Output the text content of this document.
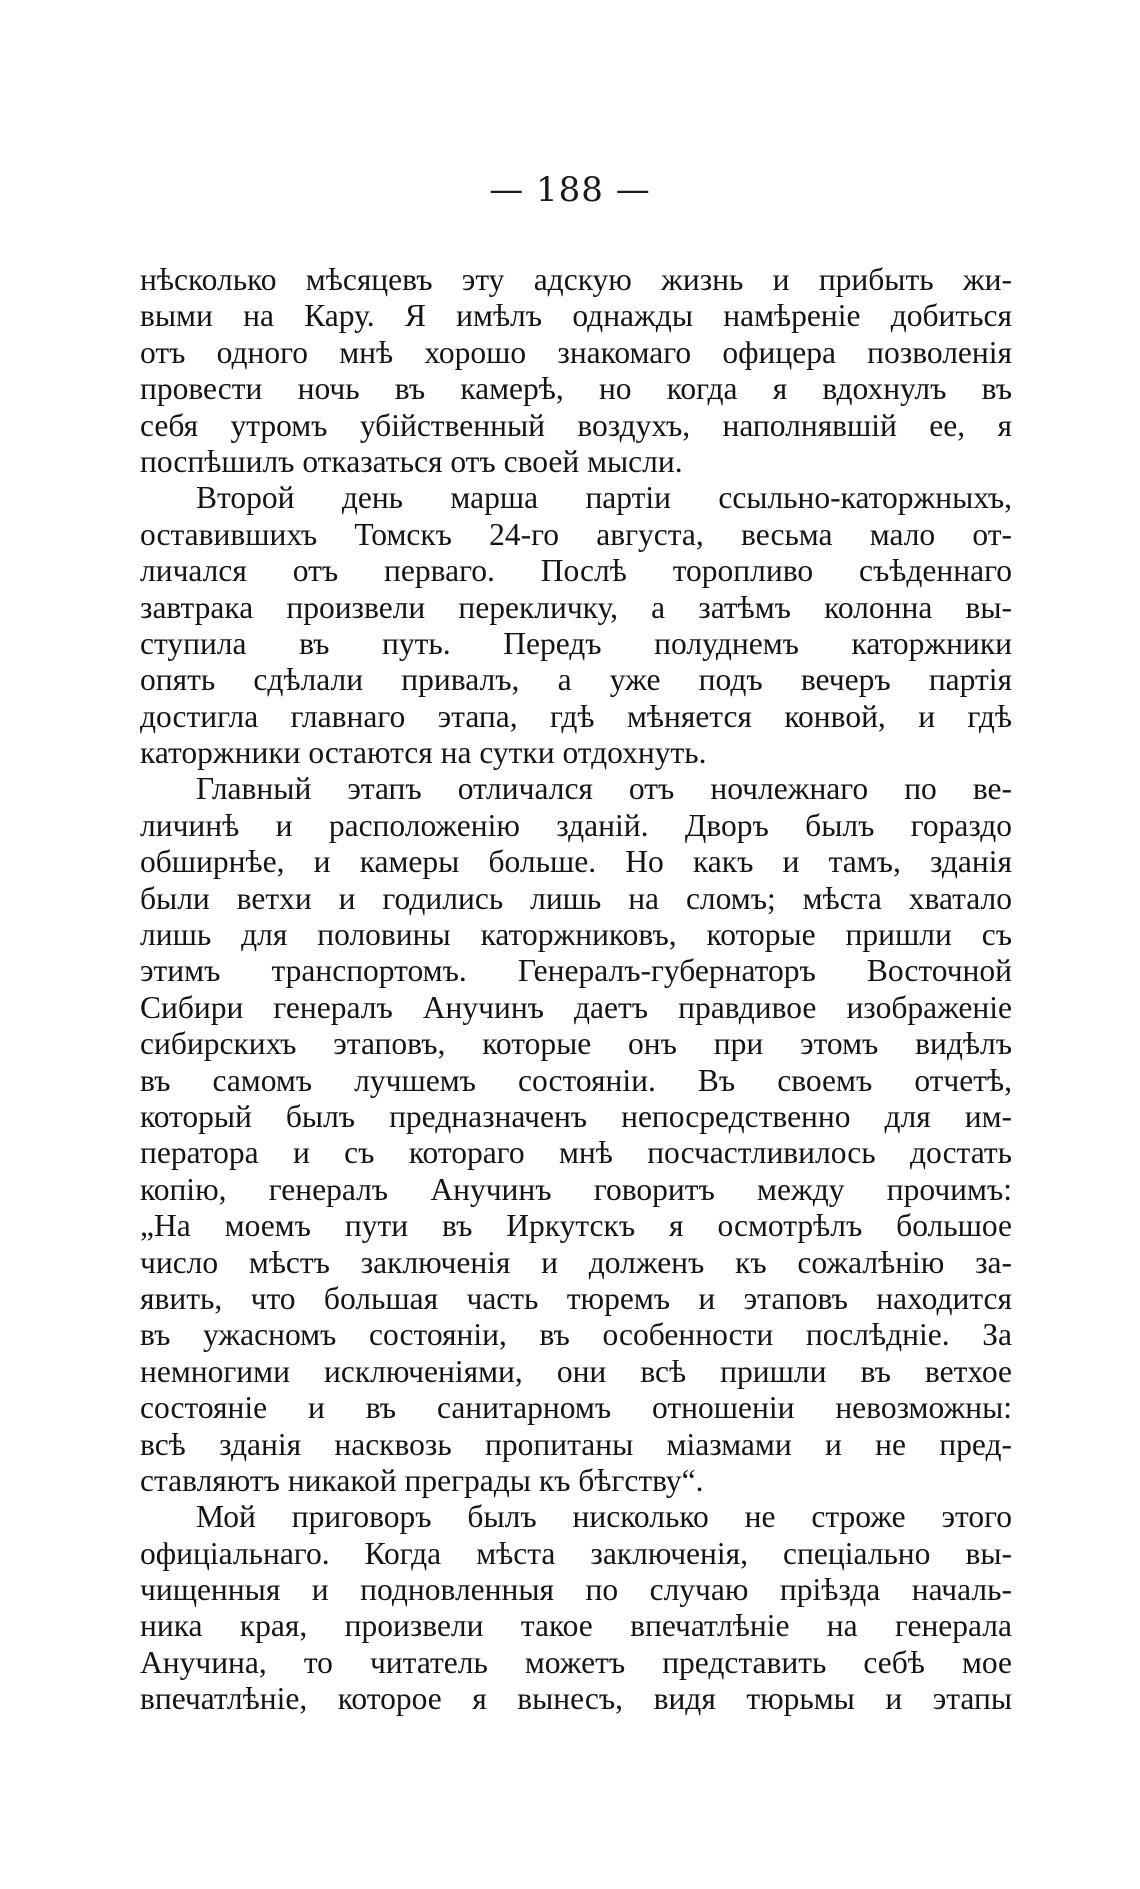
— 188 —
нѣсколько мѣсяцевъ эту адскую жизнь и прибыть жи-
выми на Кару. Я имѣлъ однажды намѣреніе добиться
отъ одного мнѣ хорошо знакомаго офицера позволенія
провести ночь въ камерѣ, но когда я вдохнулъ въ
себя утромъ убійственный воздухъ, наполнявшій ее, я
поспѣшилъ отказаться отъ своей мысли.
Второй день марша партіи ссыльно-каторжныхъ,
оставившихъ Томскъ 24-го августа, весьма мало от-
личался отъ перваго. Послѣ торопливо съѣденнаго
завтрака произвели перекличку, а затѣмъ колонна вы-
ступила въ путь. Передъ полуднемъ каторжники
опять сдѣлали привалъ, а уже подъ вечеръ партія
достигла главнаго этапа, гдѣ мѣняется конвой, и гдѣ
каторжники остаются на сутки отдохнуть.
Главный этапъ отличался отъ ночлежнаго по ве-
личинѣ и расположенію зданій. Дворъ былъ гораздо
обширнѣе, и камеры больше. Но какъ и тамъ, зданія
были ветхи и годились лишь на сломъ; мѣста хватало
лишь для половины каторжниковъ, которые пришли съ
этимъ транспортомъ. Генералъ-губернаторъ Восточной
Сибири генералъ Анучинъ даетъ правдивое изображеніе
сибирскихъ этаповъ, которые онъ при этомъ видѣлъ
въ самомъ лучшемъ состояніи. Въ своемъ отчетѣ,
который былъ предназначенъ непосредственно для им-
ператора и съ котораго мнѣ посчастливилось достать
копію, генералъ Анучинъ говоритъ между прочимъ:
„На моемъ пути въ Иркутскъ я осмотрѣлъ большое
число мѣстъ заключенія и долженъ къ сожалѣнію за-
явить, что большая часть тюремъ и этаповъ находится
въ ужасномъ состояніи, въ особенности послѣдніе. За
немногими исключеніями, они всѣ пришли въ ветхое
состояніе и въ санитарномъ отношеніи невозможны:
всѣ зданія насквозь пропитаны міазмами и не пред-
ставляютъ никакой преграды къ бѣгству“.
Мой приговоръ былъ нисколько не строже этого
офиціальнаго. Когда мѣста заключенія, спеціально вы-
чищенныя и подновленныя по случаю пріѣзда началь-
ника края, произвели такое впечатлѣніе на генерала
Анучина, то читатель можетъ представить себѣ мое
впечатлѣніе, которое я вынесъ, видя тюрьмы и этапы
